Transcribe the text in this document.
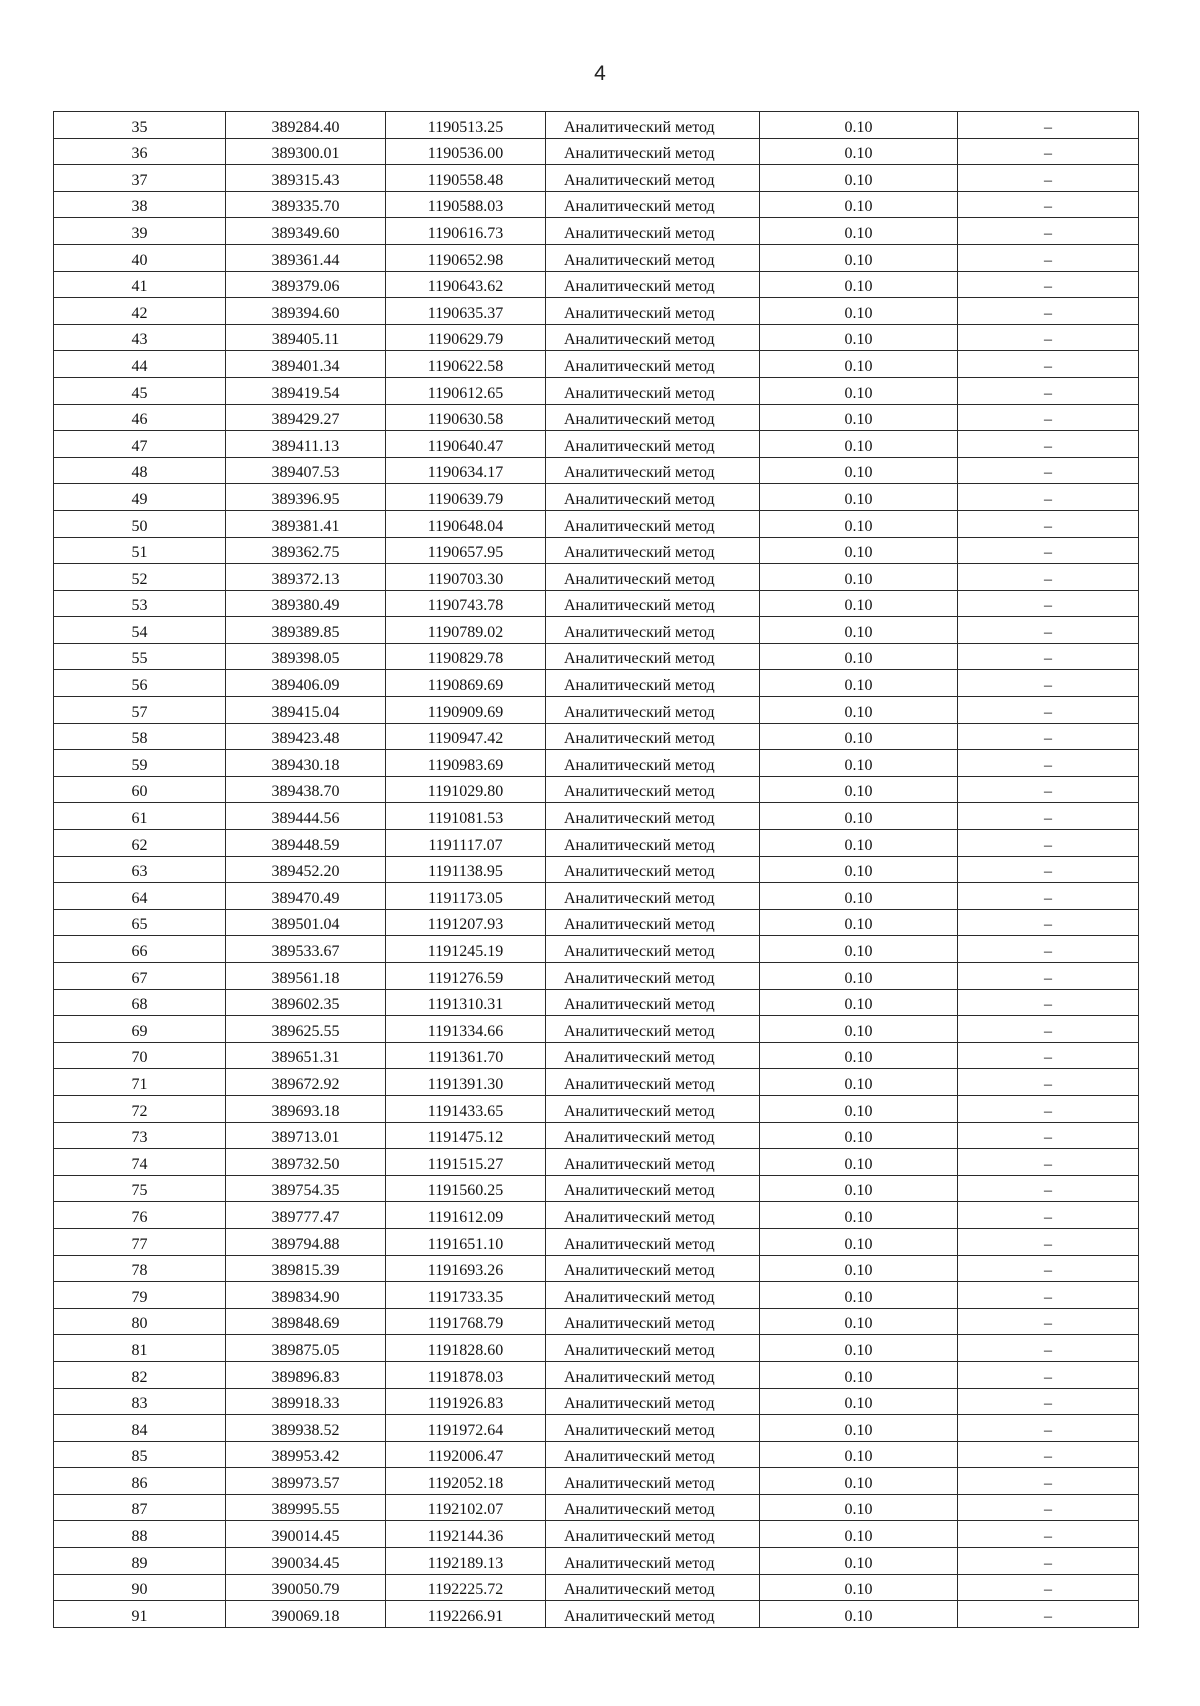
4
35	389284.40	1190513.25	Аналитический метод	0.10	–
36	389300.01	1190536.00	Аналитический метод	0.10	–
37	389315.43	1190558.48	Аналитический метод	0.10	–
38	389335.70	1190588.03	Аналитический метод	0.10	–
39	389349.60	1190616.73	Аналитический метод	0.10	–
40	389361.44	1190652.98	Аналитический метод	0.10	–
41	389379.06	1190643.62	Аналитический метод	0.10	–
42	389394.60	1190635.37	Аналитический метод	0.10	–
43	389405.11	1190629.79	Аналитический метод	0.10	–
44	389401.34	1190622.58	Аналитический метод	0.10	–
45	389419.54	1190612.65	Аналитический метод	0.10	–
46	389429.27	1190630.58	Аналитический метод	0.10	–
47	389411.13	1190640.47	Аналитический метод	0.10	–
48	389407.53	1190634.17	Аналитический метод	0.10	–
49	389396.95	1190639.79	Аналитический метод	0.10	–
50	389381.41	1190648.04	Аналитический метод	0.10	–
51	389362.75	1190657.95	Аналитический метод	0.10	–
52	389372.13	1190703.30	Аналитический метод	0.10	–
53	389380.49	1190743.78	Аналитический метод	0.10	–
54	389389.85	1190789.02	Аналитический метод	0.10	–
55	389398.05	1190829.78	Аналитический метод	0.10	–
56	389406.09	1190869.69	Аналитический метод	0.10	–
57	389415.04	1190909.69	Аналитический метод	0.10	–
58	389423.48	1190947.42	Аналитический метод	0.10	–
59	389430.18	1190983.69	Аналитический метод	0.10	–
60	389438.70	1191029.80	Аналитический метод	0.10	–
61	389444.56	1191081.53	Аналитический метод	0.10	–
62	389448.59	1191117.07	Аналитический метод	0.10	–
63	389452.20	1191138.95	Аналитический метод	0.10	–
64	389470.49	1191173.05	Аналитический метод	0.10	–
65	389501.04	1191207.93	Аналитический метод	0.10	–
66	389533.67	1191245.19	Аналитический метод	0.10	–
67	389561.18	1191276.59	Аналитический метод	0.10	–
68	389602.35	1191310.31	Аналитический метод	0.10	–
69	389625.55	1191334.66	Аналитический метод	0.10	–
70	389651.31	1191361.70	Аналитический метод	0.10	–
71	389672.92	1191391.30	Аналитический метод	0.10	–
72	389693.18	1191433.65	Аналитический метод	0.10	–
73	389713.01	1191475.12	Аналитический метод	0.10	–
74	389732.50	1191515.27	Аналитический метод	0.10	–
75	389754.35	1191560.25	Аналитический метод	0.10	–
76	389777.47	1191612.09	Аналитический метод	0.10	–
77	389794.88	1191651.10	Аналитический метод	0.10	–
78	389815.39	1191693.26	Аналитический метод	0.10	–
79	389834.90	1191733.35	Аналитический метод	0.10	–
80	389848.69	1191768.79	Аналитический метод	0.10	–
81	389875.05	1191828.60	Аналитический метод	0.10	–
82	389896.83	1191878.03	Аналитический метод	0.10	–
83	389918.33	1191926.83	Аналитический метод	0.10	–
84	389938.52	1191972.64	Аналитический метод	0.10	–
85	389953.42	1192006.47	Аналитический метод	0.10	–
86	389973.57	1192052.18	Аналитический метод	0.10	–
87	389995.55	1192102.07	Аналитический метод	0.10	–
88	390014.45	1192144.36	Аналитический метод	0.10	–
89	390034.45	1192189.13	Аналитический метод	0.10	–
90	390050.79	1192225.72	Аналитический метод	0.10	–
91	390069.18	1192266.91	Аналитический метод	0.10	–
